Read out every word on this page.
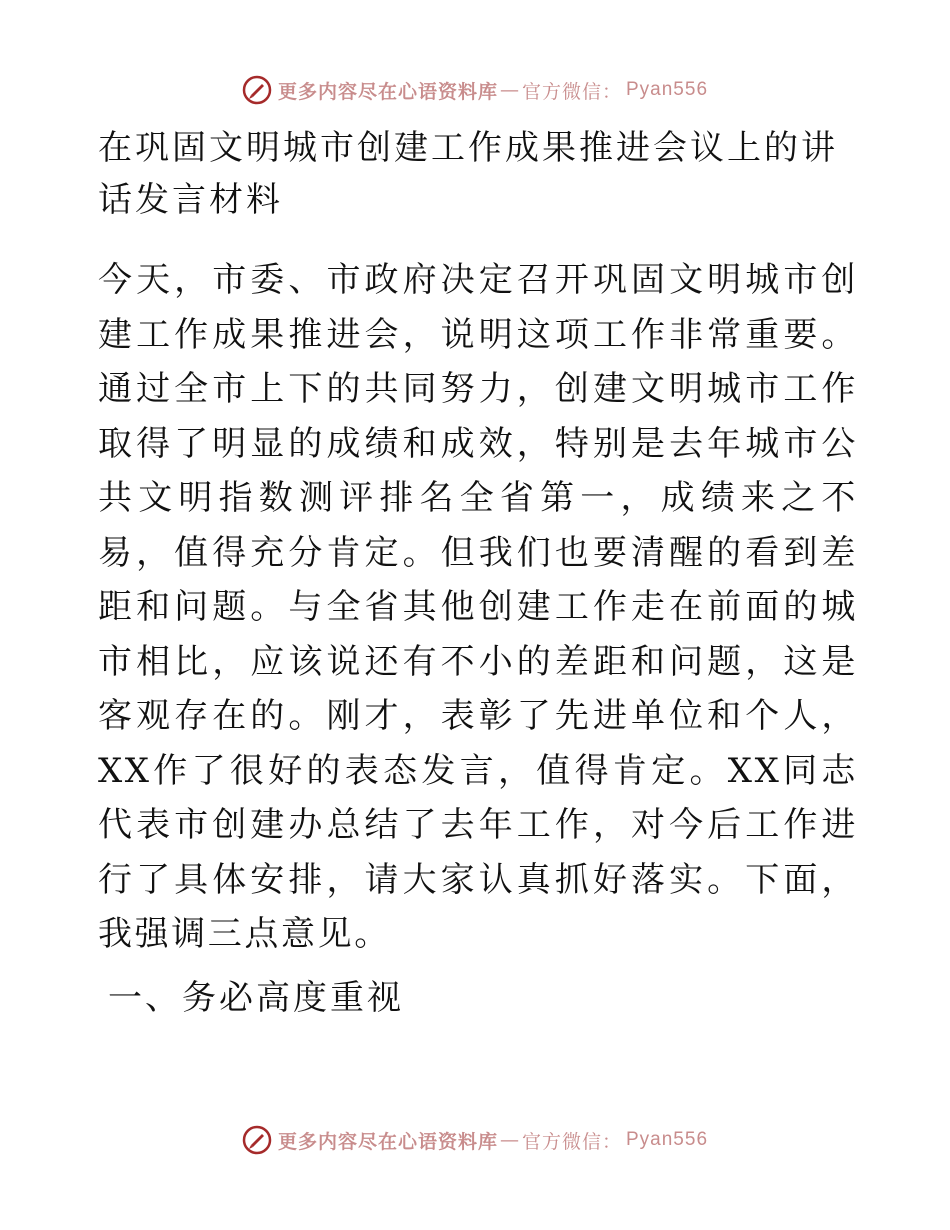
更多内容尽在心语资料库 — 官方微信： Pyan556
在巩固文明城市创建工作成果推进会议上的讲话发言材料

今天，市委、市政府决定召开巩固文明城市创建工作成果推进会，说明这项工作非常重要。通过全市上下的共同努力，创建文明城市工作取得了明显的成绩和成效，特别是去年城市公共文明指数测评排名全省第一，成绩来之不易，值得充分肯定。但我们也要清醒的看到差距和问题。与全省其他创建工作走在前面的城市相比，应该说还有不小的差距和问题，这是客观存在的。刚才，表彰了先进单位和个人，XX作了很好的表态发言，值得肯定。XX同志代表市创建办总结了去年工作，对今后工作进行了具体安排，请大家认真抓好落实。下面，我强调三点意见。

一、务必高度重视
更多内容尽在心语资料库 — 官方微信： Pyan556
